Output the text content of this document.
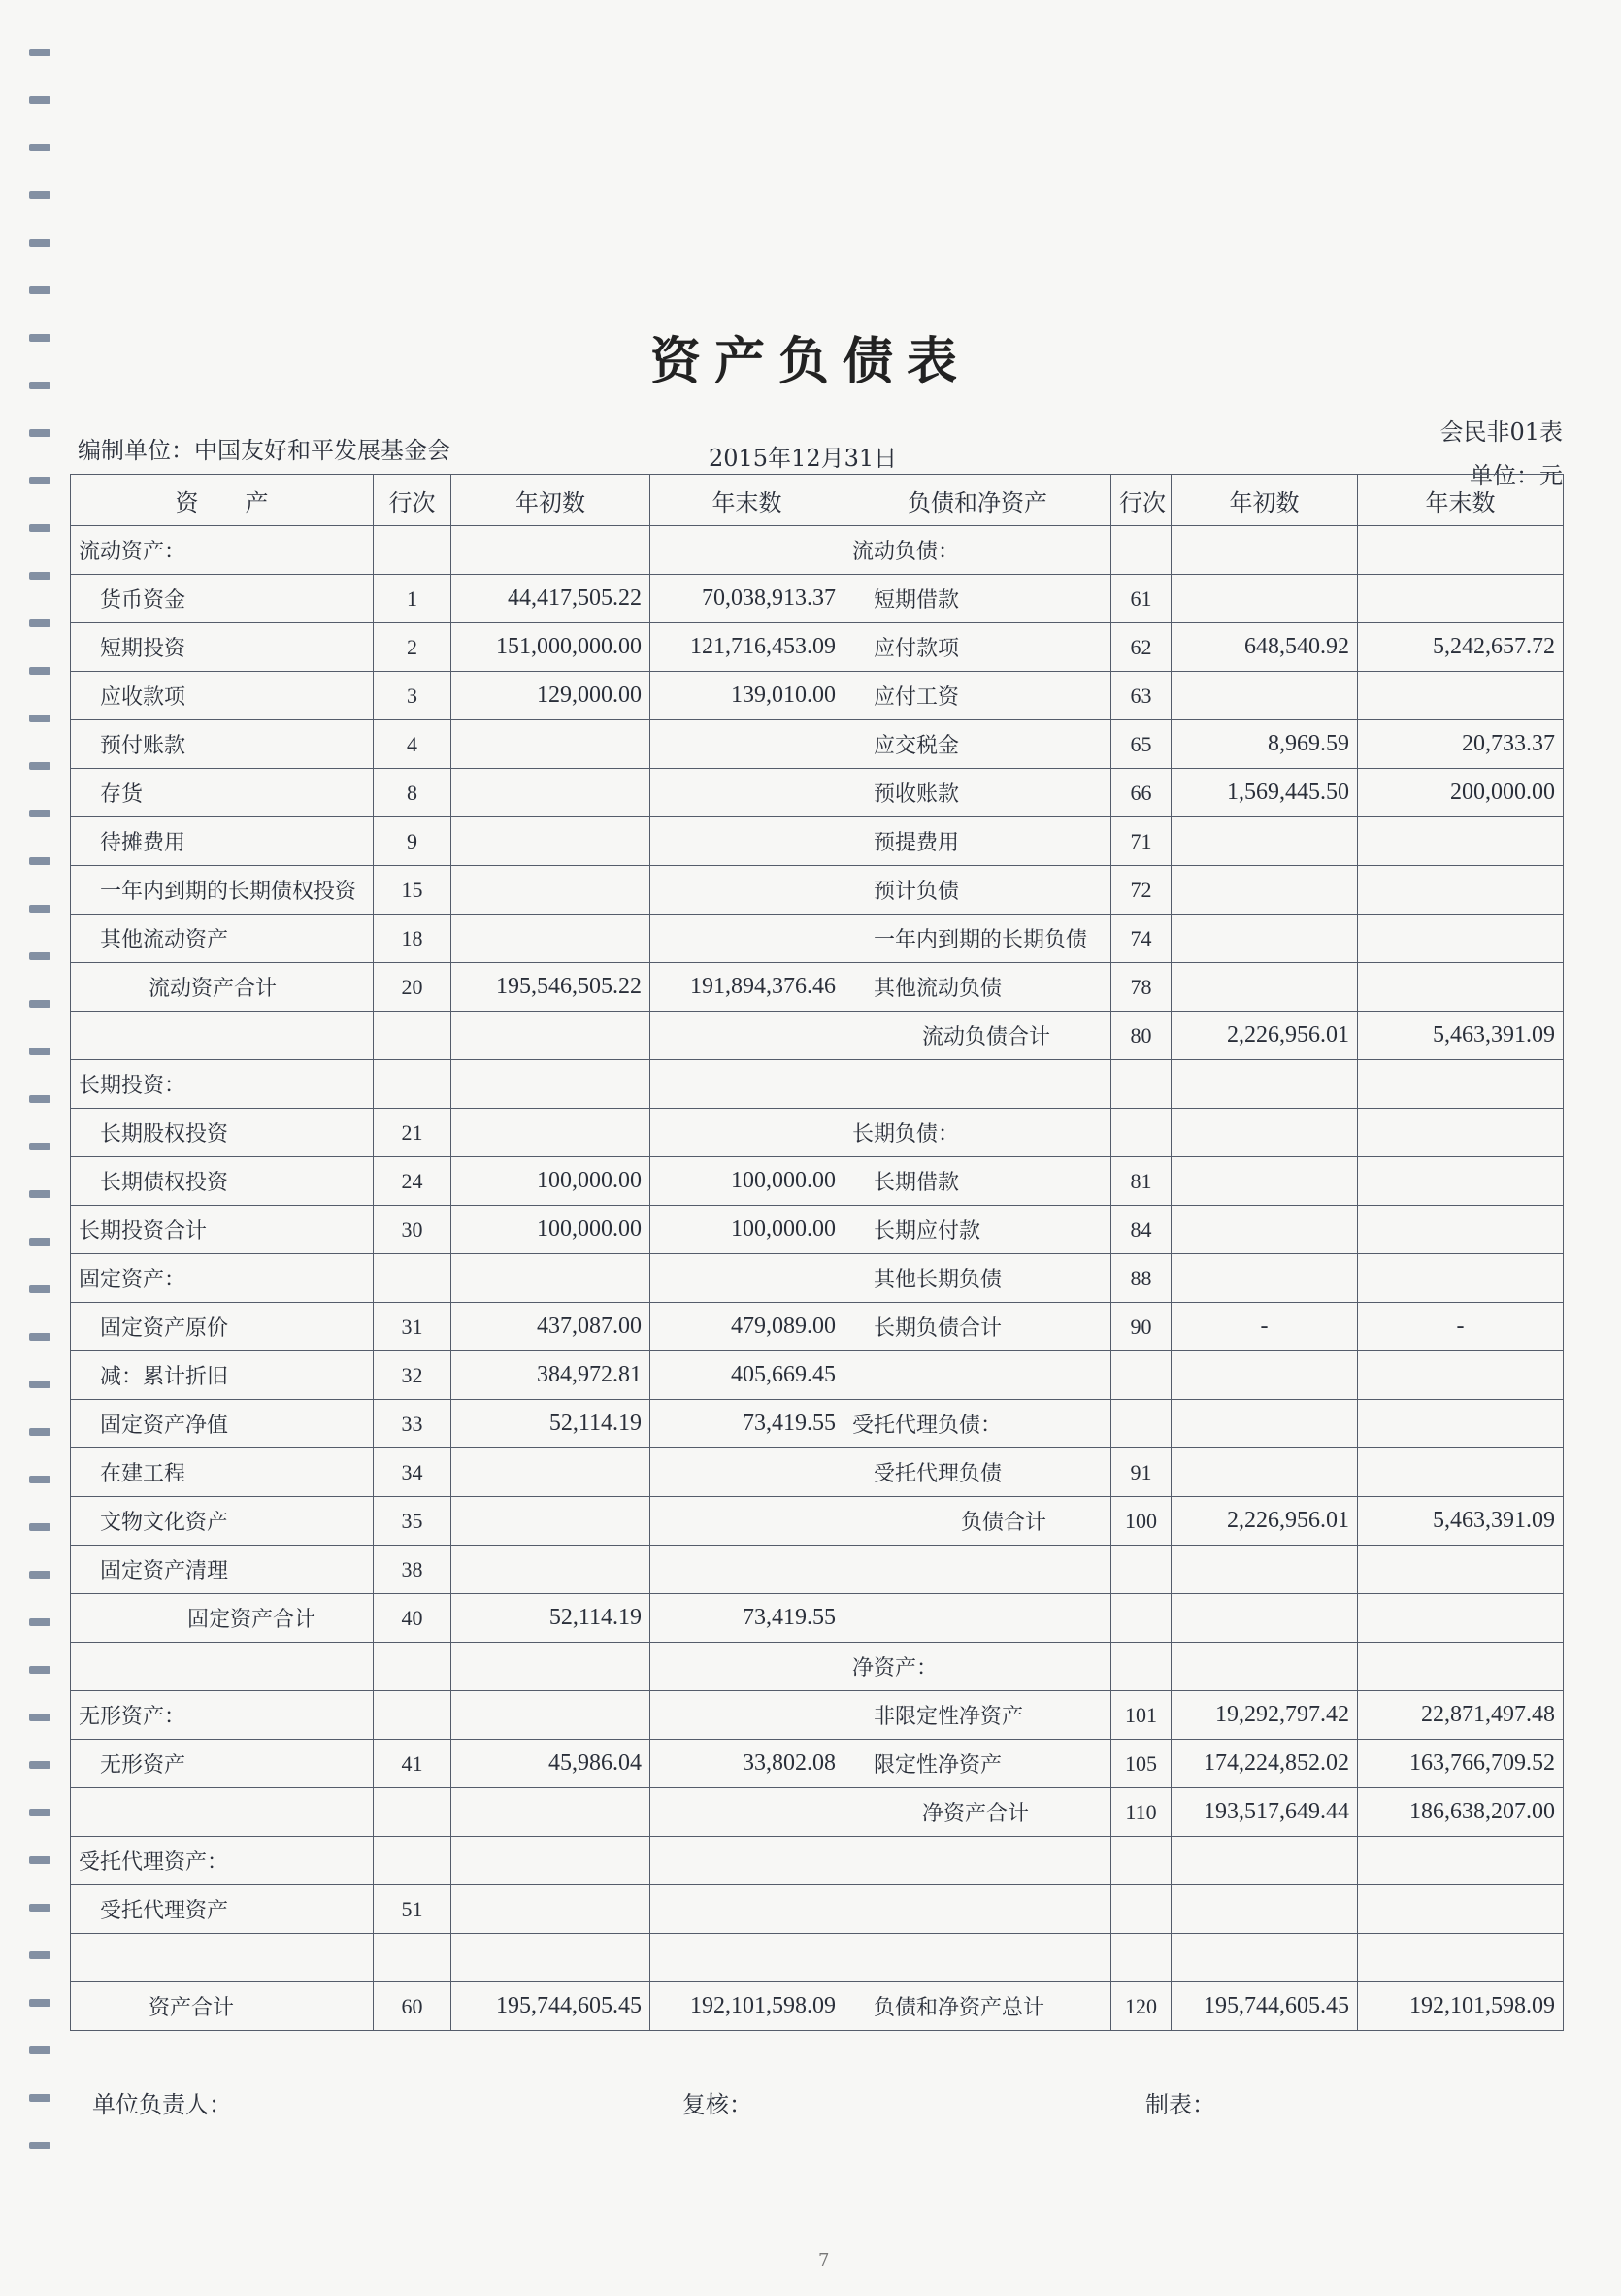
资产负债表
会民非01表
编制单位：中国友好和平发展基金会	2015年12月31日
单位：元
资　　产	行次	年初数	年末数	负债和净资产	行次	年初数	年末数
流动资产：				流动负债：			
货币资金	1	44,417,505.22	70,038,913.37	短期借款	61		
短期投资	2	151,000,000.00	121,716,453.09	应付款项	62	648,540.92	5,242,657.72
应收款项	3	129,000.00	139,010.00	应付工资	63		
预付账款	4			应交税金	65	8,969.59	20,733.37
存货	8			预收账款	66	1,569,445.50	200,000.00
待摊费用	9			预提费用	71		
一年内到期的长期债权投资	15			预计负债	72		
其他流动资产	18			一年内到期的长期负债	74		
流动资产合计	20	195,546,505.22	191,894,376.46	其他流动负债	78		
				流动负债合计	80	2,226,956.01	5,463,391.09
长期投资：							
长期股权投资	21			长期负债：			
长期债权投资	24	100,000.00	100,000.00	长期借款	81		
长期投资合计	30	100,000.00	100,000.00	长期应付款	84		
固定资产：				其他长期负债	88		
固定资产原价	31	437,087.00	479,089.00	长期负债合计	90	-	-
减：累计折旧	32	384,972.81	405,669.45				
固定资产净值	33	52,114.19	73,419.55	受托代理负债：			
在建工程	34			受托代理负债	91		
文物文化资产	35			负债合计	100	2,226,956.01	5,463,391.09
固定资产清理	38						
固定资产合计	40	52,114.19	73,419.55				
				净资产：			
无形资产：				非限定性净资产	101	19,292,797.42	22,871,497.48
无形资产	41	45,986.04	33,802.08	限定性净资产	105	174,224,852.02	163,766,709.52
				净资产合计	110	193,517,649.44	186,638,207.00
受托代理资产：							
受托代理资产	51						

资产合计	60	195,744,605.45	192,101,598.09	负债和净资产总计	120	195,744,605.45	192,101,598.09
单位负责人：	复核：	制表：
7
